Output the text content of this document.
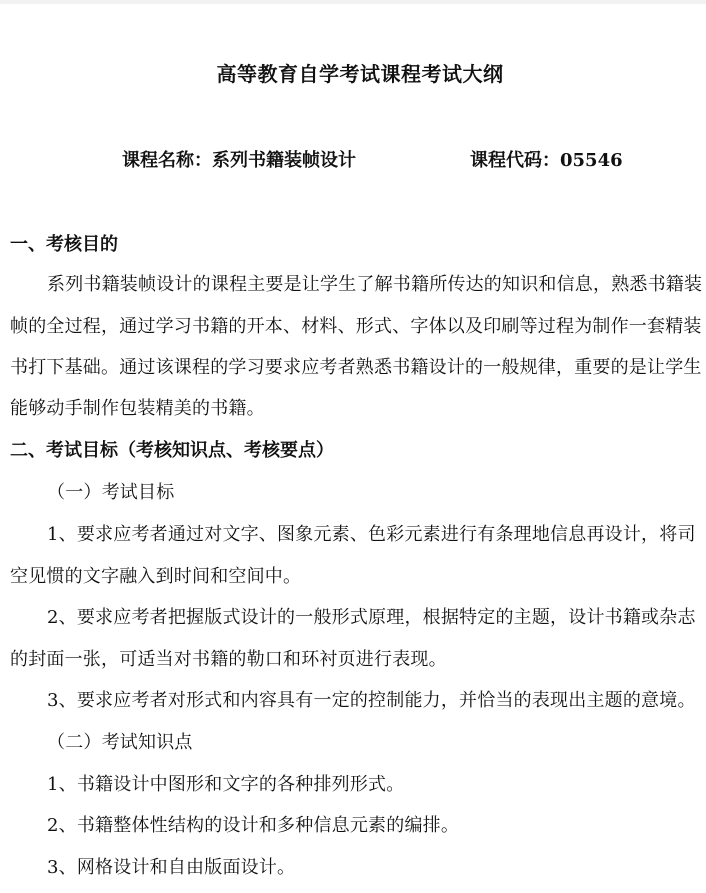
高等教育自学考试课程考试大纲
课程名称：系列书籍装帧设计	课程代码：05546
一、考核目的
系列书籍装帧设计的课程主要是让学生了解书籍所传达的知识和信息，熟悉书籍装
帧的全过程，通过学习书籍的开本、材料、形式、字体以及印刷等过程为制作一套精装
书打下基础。通过该课程的学习要求应考者熟悉书籍设计的一般规律，重要的是让学生
能够动手制作包装精美的书籍。
二、考试目标（考核知识点、考核要点）
（一）考试目标
1、要求应考者通过对文字、图象元素、色彩元素进行有条理地信息再设计，将司
空见惯的文字融入到时间和空间中。
2、要求应考者把握版式设计的一般形式原理，根据特定的主题，设计书籍或杂志
的封面一张，可适当对书籍的勒口和环衬页进行表现。
3、要求应考者对形式和内容具有一定的控制能力，并恰当的表现出主题的意境。
（二）考试知识点
1、书籍设计中图形和文字的各种排列形式。
2、书籍整体性结构的设计和多种信息元素的编排。
3、网格设计和自由版面设计。
